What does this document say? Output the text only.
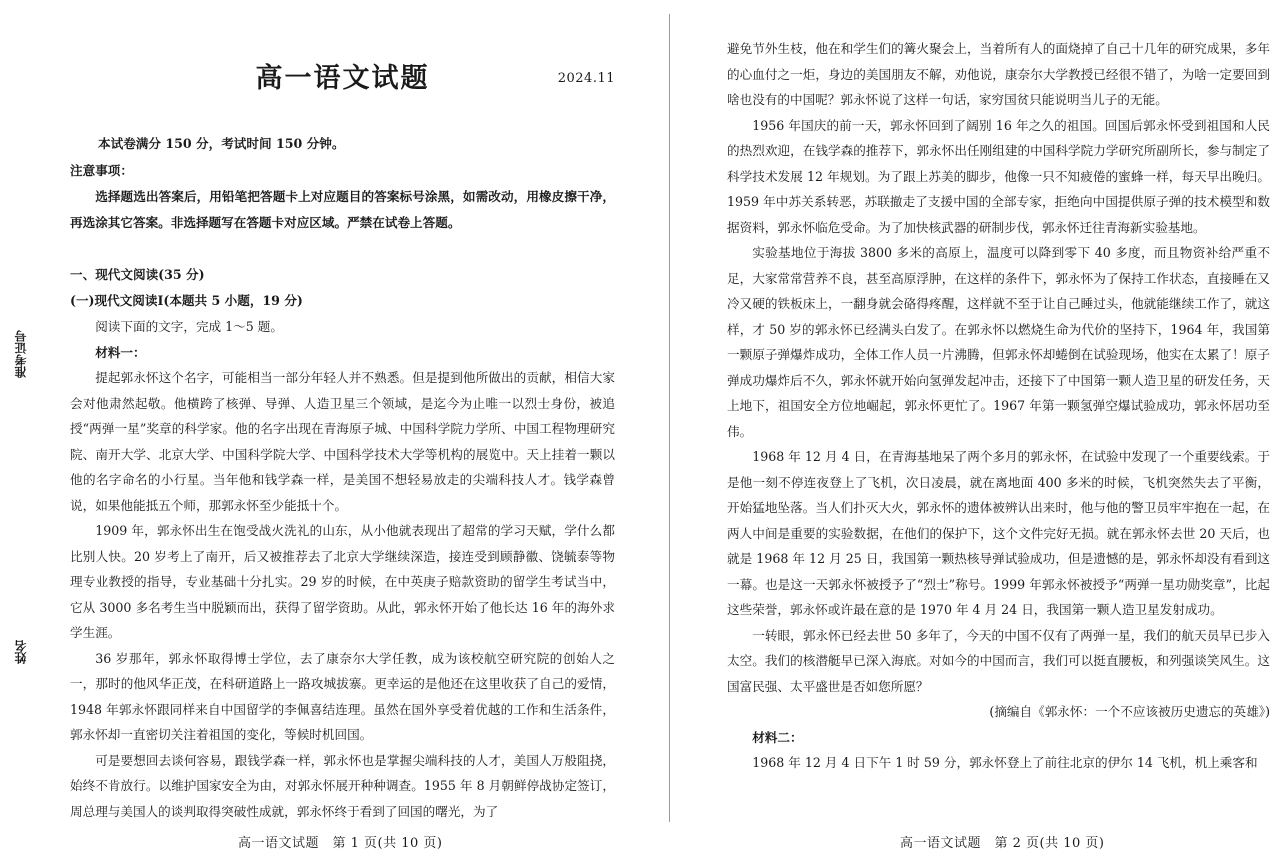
准考证号
姓名
高一语文试题	2024.11
本试卷满分 150 分，考试时间 150 分钟。
注意事项：

选择题选出答案后，用铅笔把答题卡上对应题目的答案标号涂黑，如需改动，用橡皮擦干净，再选涂其它答案。非选择题写在答题卡对应区域。严禁在试卷上答题。

一、现代文阅读(35 分)
(一)现代文阅读Ⅰ(本题共 5 小题，19 分)

阅读下面的文字，完成 1～5 题。

材料一：

提起郭永怀这个名字，可能相当一部分年轻人并不熟悉。但是提到他所做出的贡献，相信大家会对他肃然起敬。他横跨了核弹、导弹、人造卫星三个领域，是迄今为止唯一以烈士身份，被追授“两弹一星”奖章的科学家。他的名字出现在青海原子城、中国科学院力学所、中国工程物理研究院、南开大学、北京大学、中国科学院大学、中国科学技术大学等机构的展览中。天上挂着一颗以他的名字命名的小行星。当年他和钱学森一样，是美国不想轻易放走的尖端科技人才。钱学森曾说，如果他能抵五个师，那郭永怀至少能抵十个。

1909 年，郭永怀出生在饱受战火洗礼的山东，从小他就表现出了超常的学习天赋，学什么都比别人快。20 岁考上了南开，后又被推荐去了北京大学继续深造，接连受到顾静徽、饶毓泰等物理专业教授的指导，专业基础十分扎实。29 岁的时候，在中英庚子赔款资助的留学生考试当中，它从 3000 多名考生当中脱颖而出，获得了留学资助。从此，郭永怀开始了他长达 16 年的海外求学生涯。

36 岁那年，郭永怀取得博士学位，去了康奈尔大学任教，成为该校航空研究院的创始人之一，那时的他风华正茂，在科研道路上一路攻城拔寨。更幸运的是他还在这里收获了自己的爱情，1948 年郭永怀跟同样来自中国留学的李佩喜结连理。虽然在国外享受着优越的工作和生活条件，郭永怀却一直密切关注着祖国的变化，等候时机回国。

可是要想回去谈何容易，跟钱学森一样，郭永怀也是掌握尖端科技的人才，美国人万般阻挠，始终不肯放行。以维护国家安全为由，对郭永怀展开种种调查。1955 年 8 月朝鲜停战协定签订，周总理与美国人的谈判取得突破性成就，郭永怀终于看到了回国的曙光，为了

高一语文试题　第 1 页(共 10 页)

避免节外生枝，他在和学生们的篝火聚会上，当着所有人的面烧掉了自己十几年的研究成果，多年的心血付之一炬，身边的美国朋友不解，劝他说，康奈尔大学教授已经很不错了，为啥一定要回到啥也没有的中国呢？郭永怀说了这样一句话，家穷国贫只能说明当儿子的无能。

1956 年国庆的前一天，郭永怀回到了阔别 16 年之久的祖国。回国后郭永怀受到祖国和人民的热烈欢迎，在钱学森的推荐下，郭永怀出任刚组建的中国科学院力学研究所副所长，参与制定了科学技术发展 12 年规划。为了跟上苏美的脚步，他像一只不知疲倦的蜜蜂一样，每天早出晚归。1959 年中苏关系转恶，苏联撤走了支援中国的全部专家，拒绝向中国提供原子弹的技术模型和数据资料，郭永怀临危受命。为了加快核武器的研制步伐，郭永怀迁往青海新实验基地。

实验基地位于海拔 3800 多米的高原上，温度可以降到零下 40 多度，而且物资补给严重不足，大家常常营养不良，甚至高原浮肿，在这样的条件下，郭永怀为了保持工作状态，直接睡在又冷又硬的铁板床上，一翻身就会硌得疼醒，这样就不至于让自己睡过头，他就能继续工作了，就这样，才 50 岁的郭永怀已经满头白发了。在郭永怀以燃烧生命为代价的坚持下，1964 年，我国第一颗原子弹爆炸成功，全体工作人员一片沸腾，但郭永怀却蜷倒在试验现场，他实在太累了！原子弹成功爆炸后不久，郭永怀就开始向氢弹发起冲击，还接下了中国第一颗人造卫星的研发任务，天上地下，祖国安全方位地崛起，郭永怀更忙了。1967 年第一颗氢弹空爆试验成功，郭永怀居功至伟。

1968 年 12 月 4 日，在青海基地呆了两个多月的郭永怀，在试验中发现了一个重要线索。于是他一刻不停连夜登上了飞机，次日凌晨，就在离地面 400 多米的时候，飞机突然失去了平衡，开始猛地坠落。当人们扑灭大火，郭永怀的遗体被辨认出来时，他与他的警卫员牢牢抱在一起，在两人中间是重要的实验数据，在他们的保护下，这个文件完好无损。就在郭永怀去世 20 天后，也就是 1968 年 12 月 25 日，我国第一颗热核导弹试验成功，但是遗憾的是，郭永怀却没有看到这一幕。也是这一天郭永怀被授予了“烈士”称号。1999 年郭永怀被授予“两弹一星功勋奖章”，比起这些荣誉，郭永怀或许最在意的是 1970 年 4 月 24 日，我国第一颗人造卫星发射成功。

一转眼，郭永怀已经去世 50 多年了，今天的中国不仅有了两弹一星，我们的航天员早已步入太空。我们的核潜艇早已深入海底。对如今的中国而言，我们可以挺直腰板，和列强谈笑风生。这国富民强、太平盛世是否如您所愿？

(摘编自《郭永怀：一个不应该被历史遗忘的英雄》)

材料二：

1968 年 12 月 4 日下午 1 时 59 分，郭永怀登上了前往北京的伊尔 14 飞机，机上乘客和

高一语文试题　第 2 页(共 10 页)
